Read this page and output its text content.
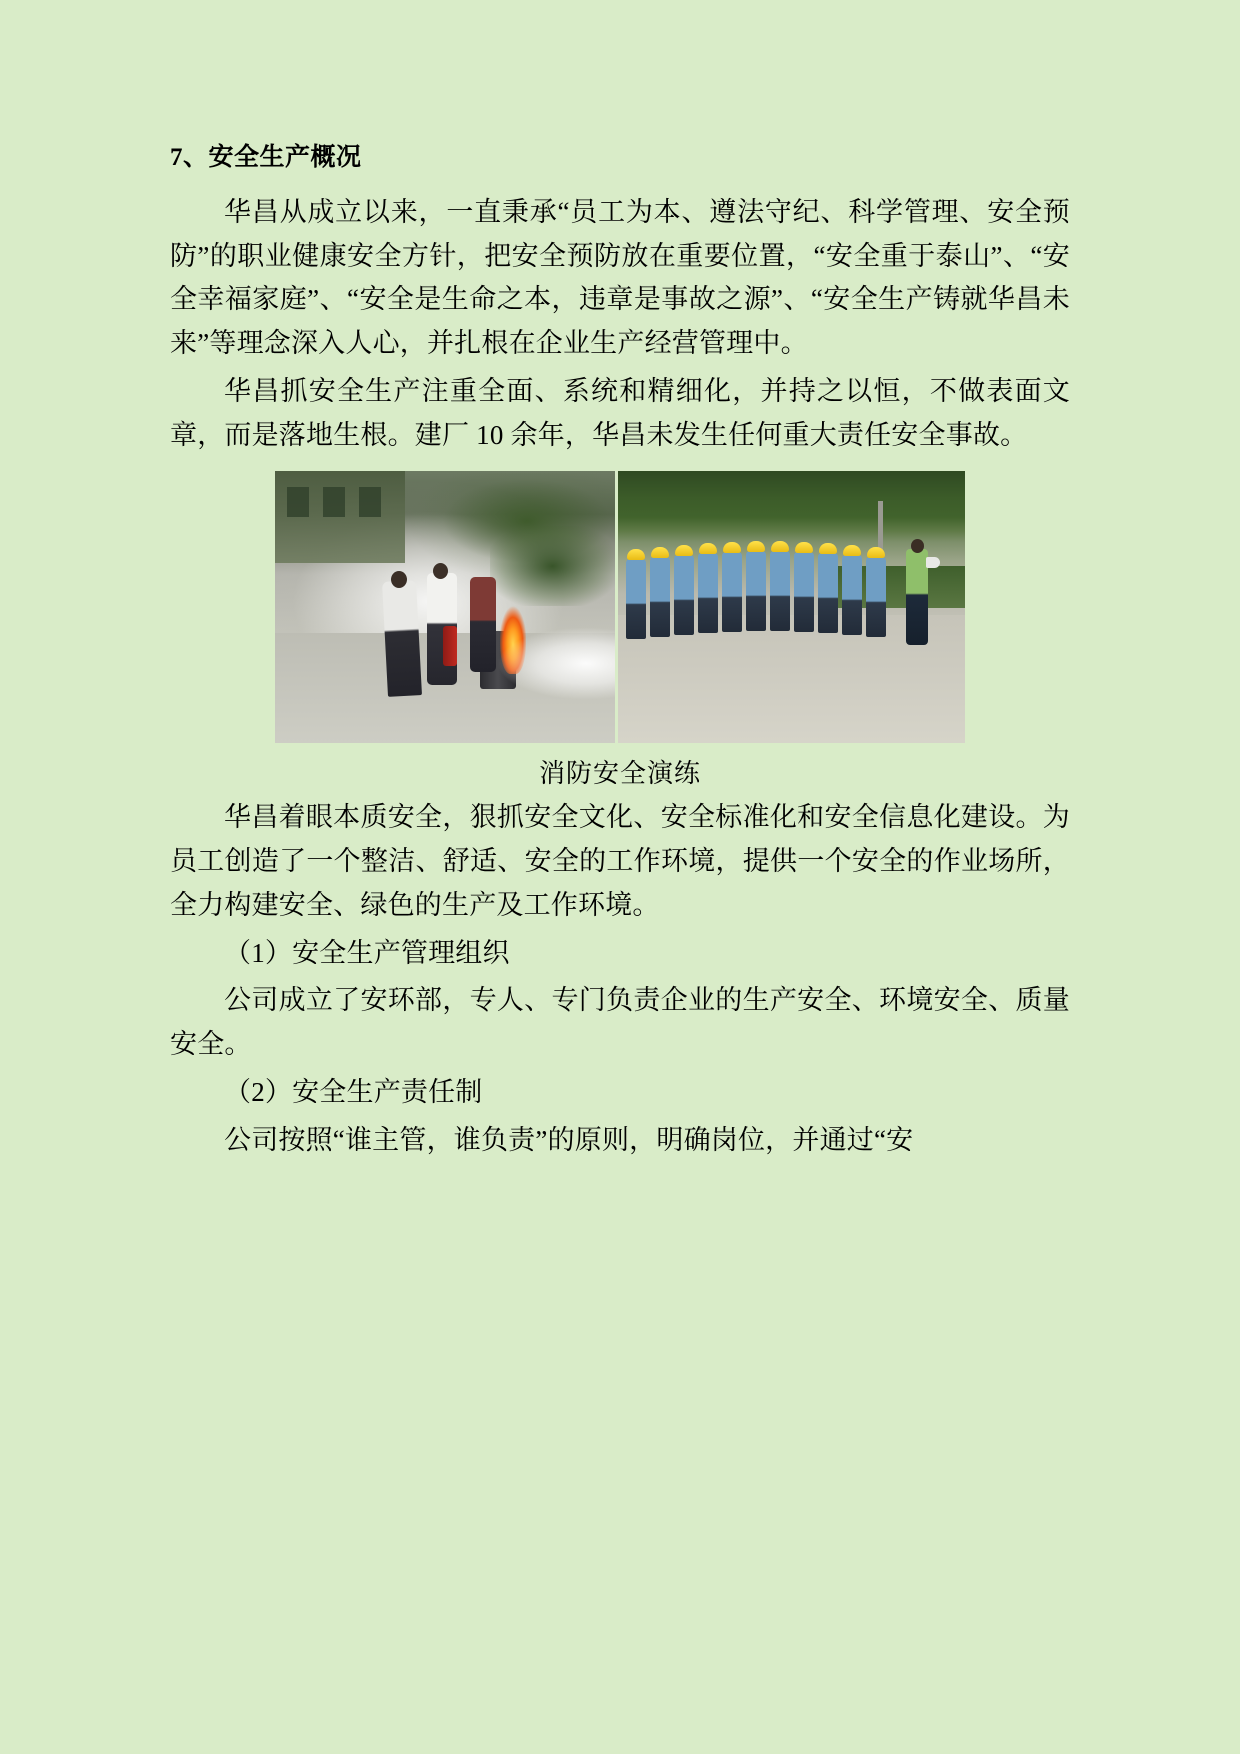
7、安全生产概况

华昌从成立以来，一直秉承“员工为本、遵法守纪、科学管理、安全预防”的职业健康安全方针，把安全预防放在重要位置，“安全重于泰山”、“安全幸福家庭”、“安全是生命之本，违章是事故之源”、“安全生产铸就华昌未来”等理念深入人心，并扎根在企业生产经营管理中。

华昌抓安全生产注重全面、系统和精细化，并持之以恒，不做表面文章，而是落地生根。建厂 10 余年，华昌未发生任何重大责任安全事故。

消防安全演练

华昌着眼本质安全，狠抓安全文化、安全标准化和安全信息化建设。为员工创造了一个整洁、舒适、安全的工作环境，提供一个安全的作业场所，全力构建安全、绿色的生产及工作环境。

（1）安全生产管理组织

公司成立了安环部，专人、专门负责企业的生产安全、环境安全、质量安全。

（2）安全生产责任制

公司按照“谁主管，谁负责”的原则，明确岗位，并通过“安
